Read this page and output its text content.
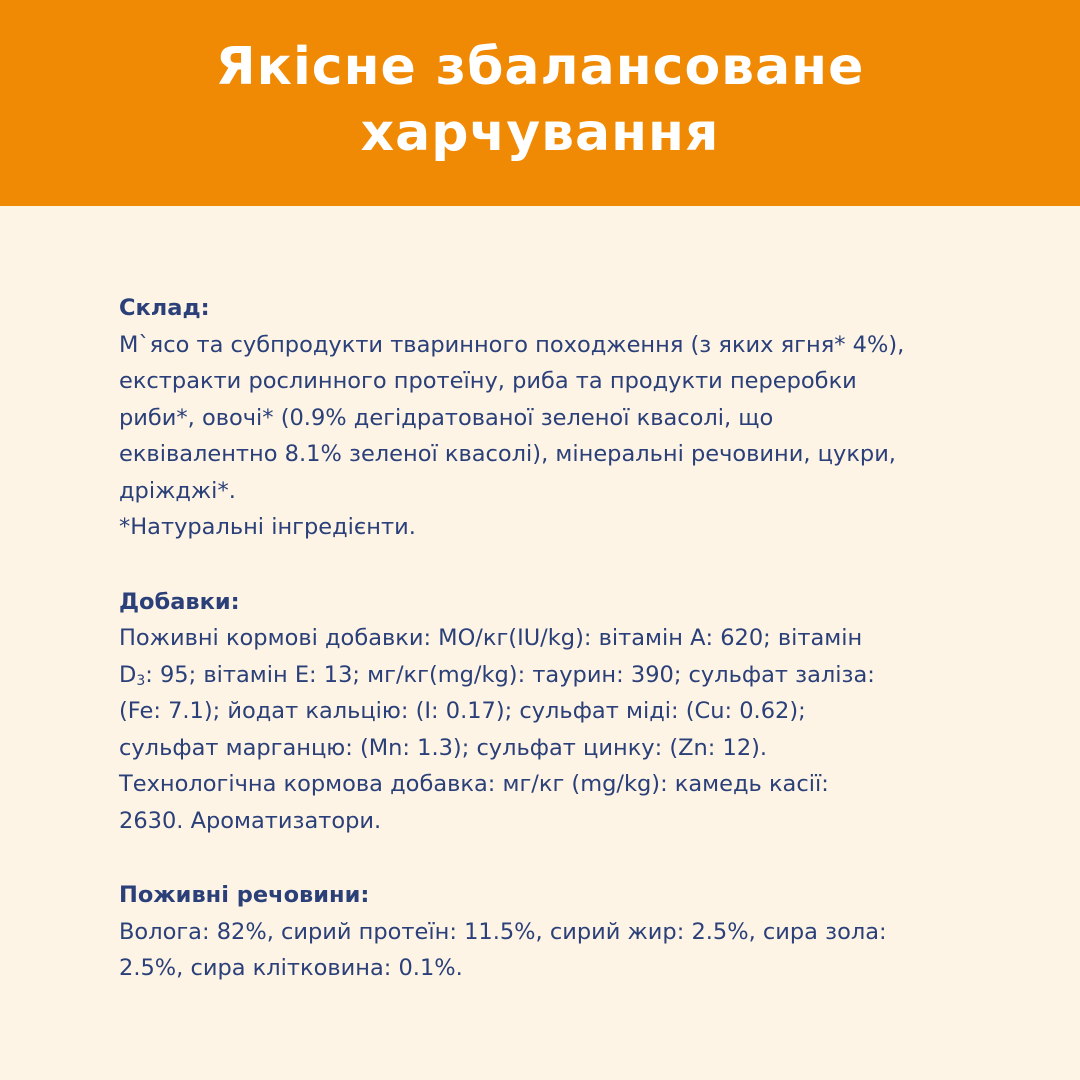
Якісне збалансоване
харчування
Склад:
М`ясо та субпродукти тваринного походження (з яких ягня* 4%),
екстракти рослинного протеїну, риба та продукти переробки
риби*, овочі* (0.9% дегідратованої зеленої квасолі, що
еквівалентно 8.1% зеленої квасолі), мінеральні речовини, цукри,
дріжджі*.
*Натуральні інгредієнти.
Добавки:
Поживні кормові добавки: МО/кг(IU/kg): вітамін А: 620; вітамін
$D_3$: 95; вітамін Е: 13; мг/кг(mg/kg): таурин: 390; сульфат заліза:
(Fe: 7.1); йодат кальцію: (I: 0.17); сульфат міді: (Cu: 0.62);
сульфат марганцю: (Mn: 1.3); сульфат цинку: (Zn: 12).
Технологічна кормова добавка: мг/кг (mg/kg): камедь касії:
2630. Ароматизатори.
Поживні речовини:
Вологa: 82%, сирий протеїн: 11.5%, сирий жир: 2.5%, сира зола:
2.5%, сира клітковина: 0.1%.
